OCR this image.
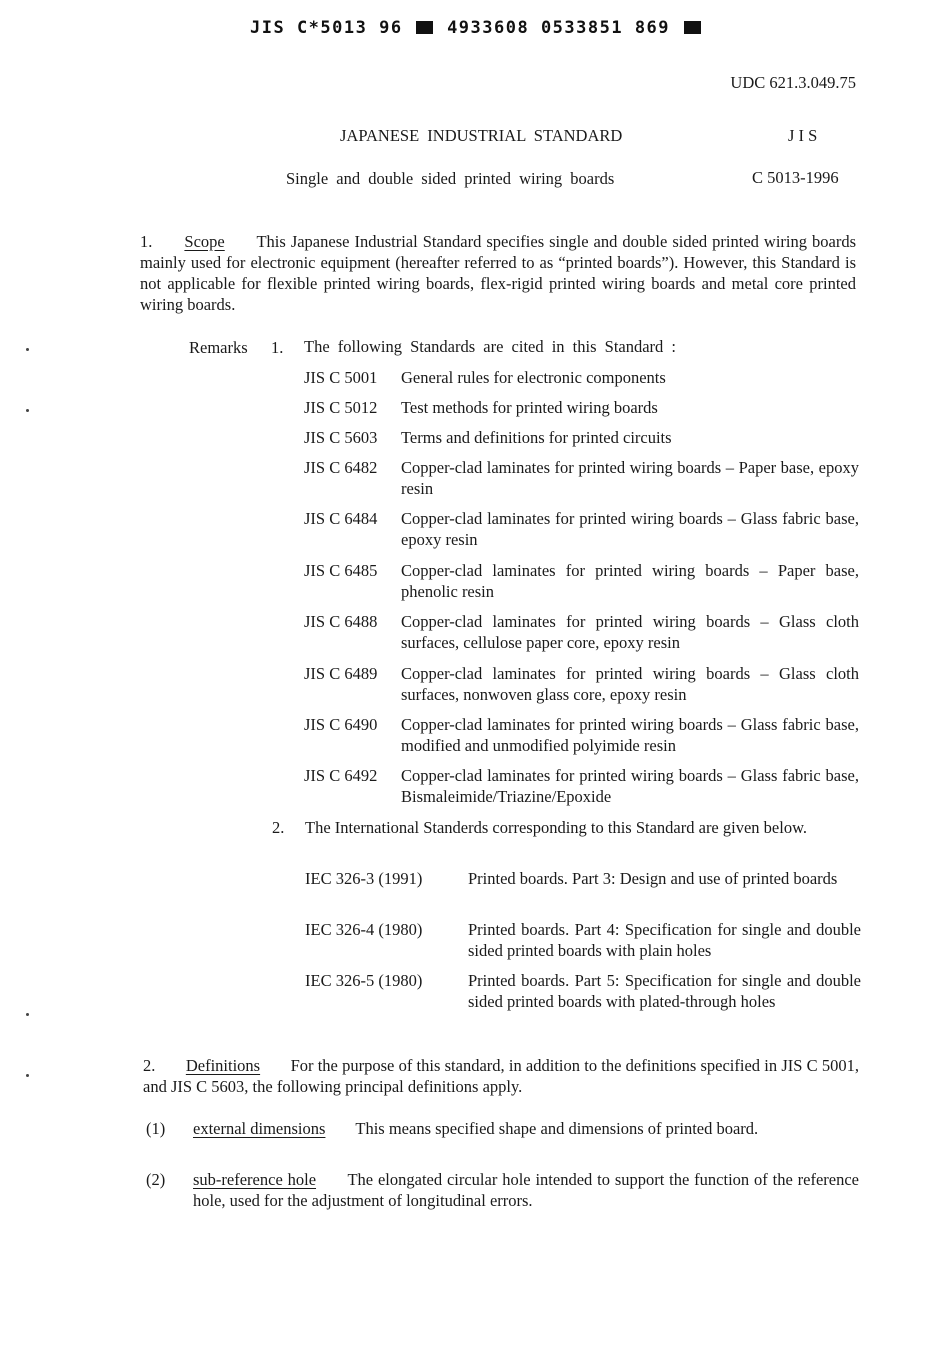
JIS C*5013 96	4933608 0533851 869
UDC 621.3.049.75
JAPANESE INDUSTRIAL STANDARD	J I S
Single and double sided printed wiring boards	C 5013-1996
1. Scope This Japanese Industrial Standard specifies single and double sided printed wiring boards mainly used for electronic equipment (hereafter referred to as “printed boards”). However, this Standard is not applicable for flexible printed wiring boards, flex-rigid printed wiring boards and metal core printed wiring boards.
Remarks 1. The following Standards are cited in this Standard :
JIS C 5001 General rules for electronic components
JIS C 5012 Test methods for printed wiring boards
JIS C 5603 Terms and definitions for printed circuits
JIS C 6482 Copper-clad laminates for printed wiring boards – Paper base, epoxy resin
JIS C 6484 Copper-clad laminates for printed wiring boards – Glass fabric base, epoxy resin
JIS C 6485 Copper-clad laminates for printed wiring boards – Paper base, phenolic resin
JIS C 6488 Copper-clad laminates for printed wiring boards – Glass cloth surfaces, cellulose paper core, epoxy resin
JIS C 6489 Copper-clad laminates for printed wiring boards – Glass cloth surfaces, nonwoven glass core, epoxy resin
JIS C 6490 Copper-clad laminates for printed wiring boards – Glass fabric base, modified and unmodified polyimide resin
JIS C 6492 Copper-clad laminates for printed wiring boards – Glass fabric base, Bismaleimide/Triazine/Epoxide
2. The International Standerds corresponding to this Standard are given below.
IEC 326-3 (1991)	Printed boards. Part 3: Design and use of printed boards
IEC 326-4 (1980)	Printed boards. Part 4: Specification for single and double sided printed boards with plain holes
IEC 326-5 (1980)	Printed boards. Part 5: Specification for single and double sided printed boards with plated-through holes
2. Definitions For the purpose of this standard, in addition to the definitions specified in JIS C 5001, and JIS C 5603, the following principal definitions apply.
(1) external dimensions This means specified shape and dimensions of printed board.
(2) sub-reference hole The elongated circular hole intended to support the function of the reference hole, used for the adjustment of longitudinal errors.
